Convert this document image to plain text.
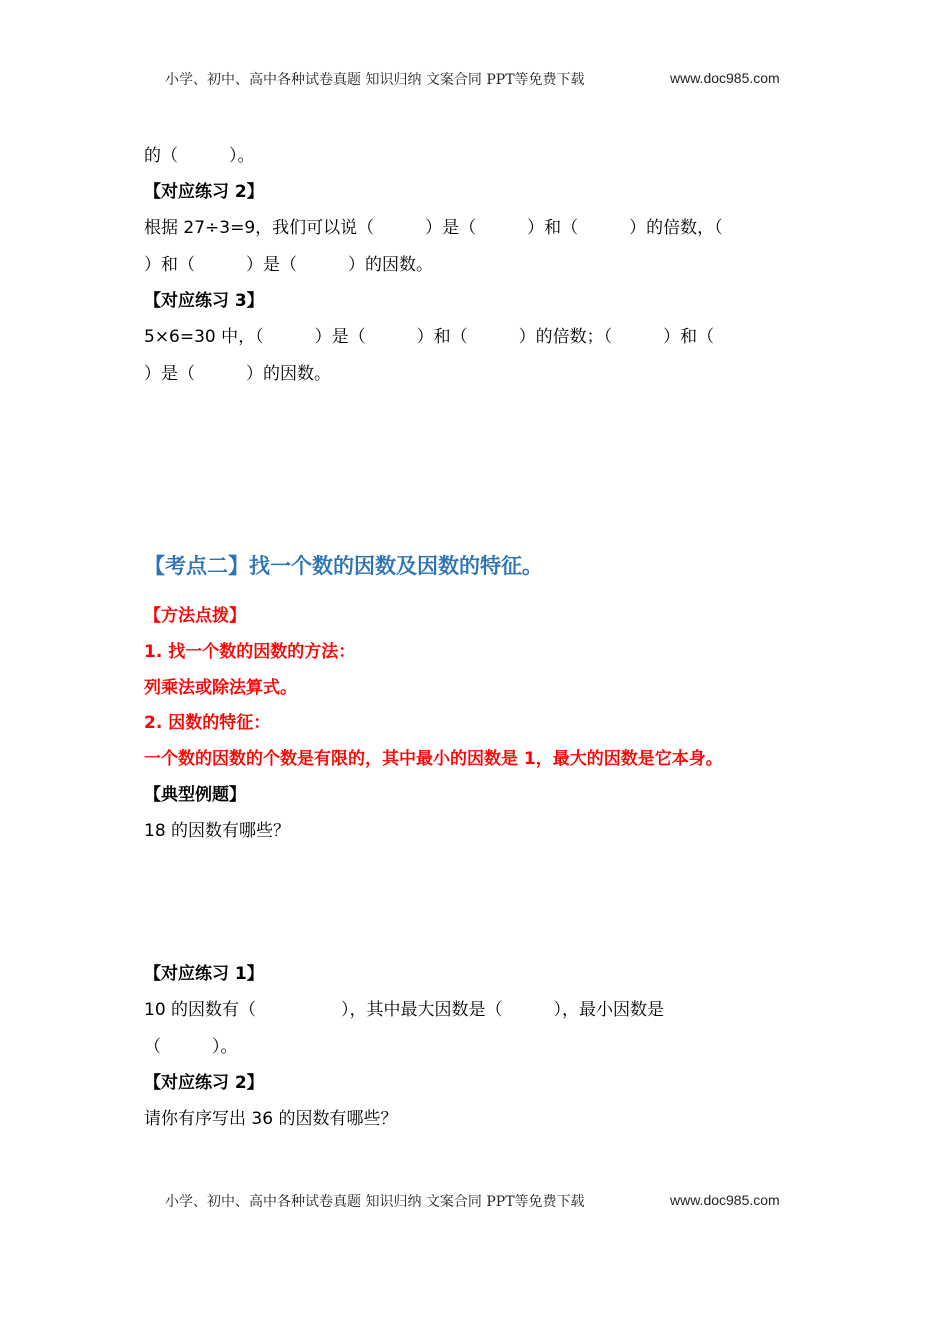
小学、初中、高中各种试卷真题 知识归纳 文案合同 PPT等免费下载	www.doc985.com
的（　　　）。
【对应练习 2】
根据 27÷3=9，我们可以说（　　　）是（　　　）和（　　　）的倍数，（
）和（　　　）是（　　　）的因数。
【对应练习 3】
5×6=30 中，（　　　）是（　　　）和（　　　）的倍数；（　　　）和（
）是（　　　）的因数。
【考点二】找一个数的因数及因数的特征。
【方法点拨】
1. 找一个数的因数的方法：
列乘法或除法算式。
2. 因数的特征：
一个数的因数的个数是有限的，其中最小的因数是 1，最大的因数是它本身。
【典型例题】
18 的因数有哪些？
【对应练习 1】
10 的因数有（　　　　　），其中最大因数是（　　　），最小因数是
（　　　）。
【对应练习 2】
请你有序写出 36 的因数有哪些？
小学、初中、高中各种试卷真题 知识归纳 文案合同 PPT等免费下载	www.doc985.com
